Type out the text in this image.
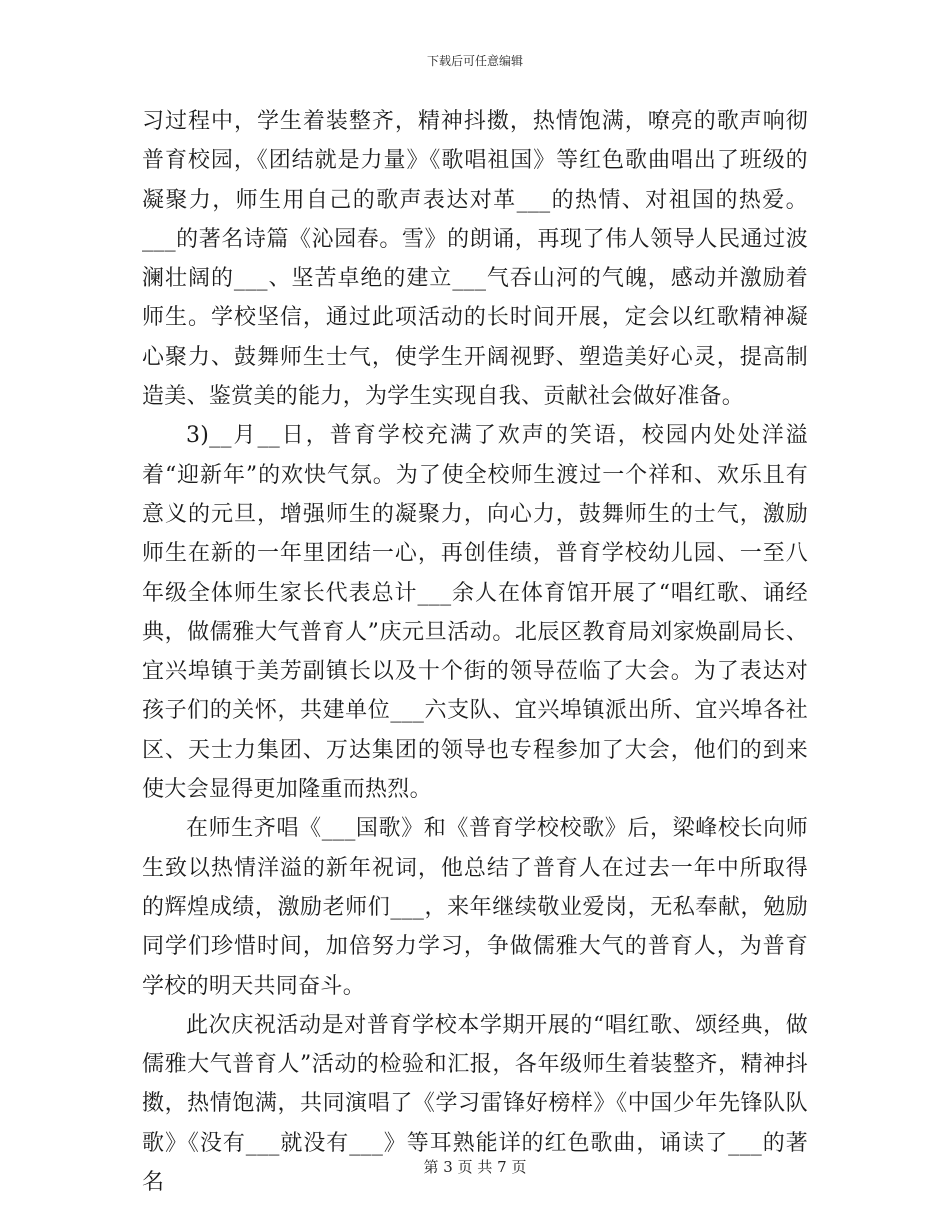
下载后可任意编辑

习过程中，学生着装整齐，精神抖擞，热情饱满，嘹亮的歌声响彻普育校园，《团结就是力量》《歌唱祖国》等红色歌曲唱出了班级的凝聚力，师生用自己的歌声表达对革___的热情、对祖国的热爱。___的著名诗篇《沁园春。雪》的朗诵，再现了伟人领导人民通过波澜壮阔的___、坚苦卓绝的建立___气吞山河的气魄，感动并激励着师生。学校坚信，通过此项活动的长时间开展，定会以红歌精神凝心聚力、鼓舞师生士气，使学生开阔视野、塑造美好心灵，提高制造美、鉴赏美的能力，为学生实现自我、贡献社会做好准备。

3)__月__日，普育学校充满了欢声的笑语，校园内处处洋溢着“迎新年”的欢快气氛。为了使全校师生渡过一个祥和、欢乐且有意义的元旦，增强师生的凝聚力，向心力，鼓舞师生的士气，激励师生在新的一年里团结一心，再创佳绩，普育学校幼儿园、一至八年级全体师生家长代表总计___余人在体育馆开展了“唱红歌、诵经典，做儒雅大气普育人”庆元旦活动。北辰区教育局刘家焕副局长、宜兴埠镇于美芳副镇长以及十个街的领导莅临了大会。为了表达对孩子们的关怀，共建单位___六支队、宜兴埠镇派出所、宜兴埠各社区、天士力集团、万达集团的领导也专程参加了大会，他们的到来使大会显得更加隆重而热烈。

在师生齐唱《___国歌》和《普育学校校歌》后，梁峰校长向师生致以热情洋溢的新年祝词，他总结了普育人在过去一年中所取得的辉煌成绩，激励老师们___，来年继续敬业爱岗，无私奉献，勉励同学们珍惜时间，加倍努力学习，争做儒雅大气的普育人，为普育学校的明天共同奋斗。

此次庆祝活动是对普育学校本学期开展的“唱红歌、颂经典，做儒雅大气普育人”活动的检验和汇报，各年级师生着装整齐，精神抖擞，热情饱满，共同演唱了《学习雷锋好榜样》《中国少年先锋队队歌》《没有___就没有___》等耳熟能详的红色歌曲，诵读了___的著名

第 3 页 共 7 页
